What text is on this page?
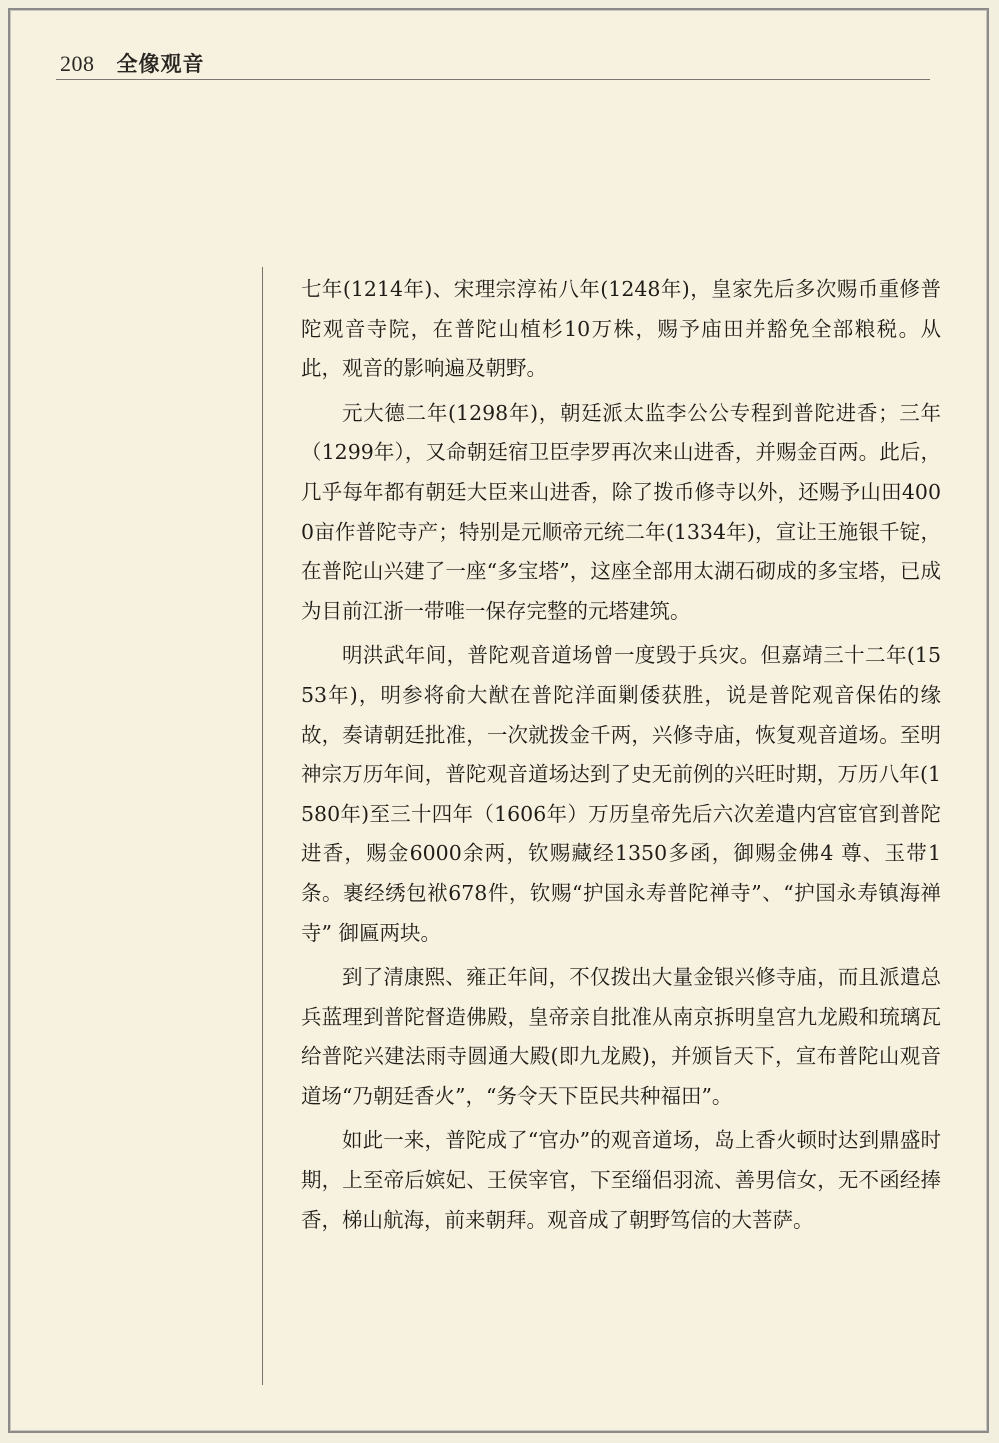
208 全像观音

七年(1214年)、宋理宗淳祐八年(1248年)，皇家先后多次赐币重修普陀观音寺院，在普陀山植杉10万株，赐予庙田并豁免全部粮税。从此，观音的影响遍及朝野。

元大德二年(1298年)，朝廷派太监李公公专程到普陀进香；三年（1299年），又命朝廷宿卫臣孛罗再次来山进香，并赐金百两。此后，几乎每年都有朝廷大臣来山进香，除了拨币修寺以外，还赐予山田4000亩作普陀寺产；特别是元顺帝元统二年(1334年)，宣让王施银千锭，在普陀山兴建了一座“多宝塔”，这座全部用太湖石砌成的多宝塔，已成为目前江浙一带唯一保存完整的元塔建筑。

明洪武年间，普陀观音道场曾一度毁于兵灾。但嘉靖三十二年(1553年)，明参将俞大猷在普陀洋面剿倭获胜，说是普陀观音保佑的缘故，奏请朝廷批准，一次就拨金千两，兴修寺庙，恢复观音道场。至明神宗万历年间，普陀观音道场达到了史无前例的兴旺时期，万历八年(1580年)至三十四年（1606年）万历皇帝先后六次差遣内宫宦官到普陀进香，赐金6000余两，钦赐藏经1350多函，御赐金佛4 尊、玉带1条。裹经绣包袱678件，钦赐“护国永寿普陀禅寺”、“护国永寿镇海禅寺” 御匾两块。

到了清康熙、雍正年间，不仅拨出大量金银兴修寺庙，而且派遣总兵蓝理到普陀督造佛殿，皇帝亲自批准从南京拆明皇宫九龙殿和琉璃瓦给普陀兴建法雨寺圆通大殿(即九龙殿)，并颁旨天下，宣布普陀山观音道场“乃朝廷香火”，“务令天下臣民共种福田”。

如此一来，普陀成了“官办”的观音道场，岛上香火顿时达到鼎盛时期，上至帝后嫔妃、王侯宰官，下至缁侣羽流、善男信女，无不函经捧香，梯山航海，前来朝拜。观音成了朝野笃信的大菩萨。
